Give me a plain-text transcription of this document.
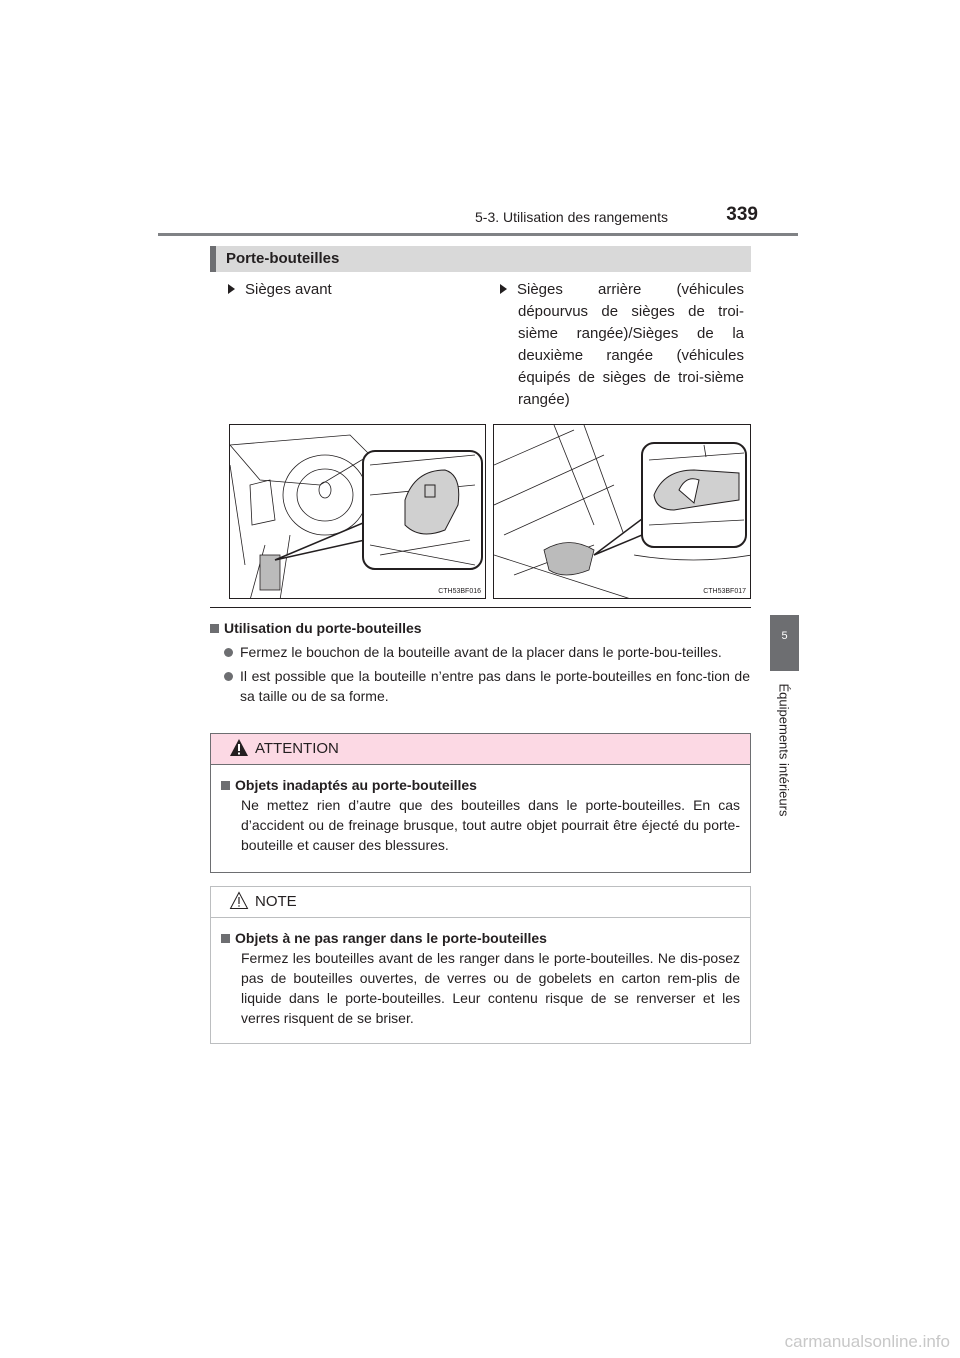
5-3. Utilisation des rangements	339
5
Équipements intérieurs
Porte-bouteilles
Sièges avant	Sièges arrière (véhicules dépourvus de sièges de troi-sième rangée)/Sièges de la deuxième rangée (véhicules équipés de sièges de troi-sième rangée)
CTH53BF016	CTH53BF017
Utilisation du porte-bouteilles
Fermez le bouchon de la bouteille avant de la placer dans le porte-bou-teilles.
Il est possible que la bouteille n’entre pas dans le porte-bouteilles en fonc-tion de sa taille ou de sa forme.
ATTENTION
Objets inadaptés au porte-bouteilles

Ne mettez rien d’autre que des bouteilles dans le porte-bouteilles. En cas d’accident ou de freinage brusque, tout autre objet pourrait être éjecté du porte-bouteille et causer des blessures.

NOTE
Objets à ne pas ranger dans le porte-bouteilles

Fermez les bouteilles avant de les ranger dans le porte-bouteilles. Ne dis-posez pas de bouteilles ouvertes, de verres ou de gobelets en carton rem-plis de liquide dans le porte-bouteilles. Leur contenu risque de se renverser et les verres risquent de se briser.

carmanualsonline.info
